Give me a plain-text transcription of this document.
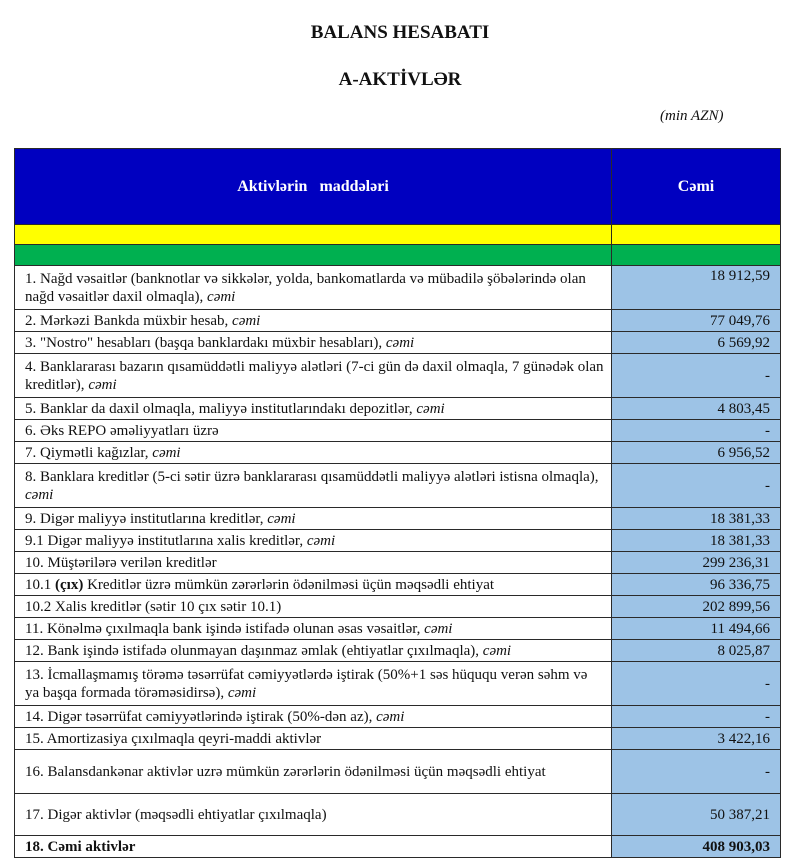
BALANS HESABATI
A-AKTİVLƏR
(min AZN)
Aktivlərin   maddələri	Cəmi

1. Nağd vəsaitlər (banknotlar və sikkələr, yolda, bankomatlarda və mübadilə şöbələrində olan nağd vəsaitlər daxil olmaqla), cəmi	18 912,59
2. Mərkəzi Bankda müxbir hesab, cəmi	77 049,76
3. "Nostro" hesabları (başqa banklardakı müxbir hesabları), cəmi	6 569,92
4. Banklararası bazarın qısamüddətli maliyyə alətləri (7-ci gün də daxil olmaqla, 7 günədək olan kreditlər), cəmi	-
5. Banklar da daxil olmaqla, maliyyə institutlarındakı depozitlər, cəmi	4 803,45
6. Əks REPO əməliyyatları üzrə	-
7. Qiymətli kağızlar, cəmi	6 956,52
8. Banklara kreditlər (5-ci sətir üzrə banklararası qısamüddətli maliyyə alətləri istisna olmaqla), cəmi	-
9. Digər maliyyə institutlarına kreditlər, cəmi	18 381,33
9.1 Digər maliyyə institutlarına xalis kreditlər, cəmi	18 381,33
10. Müştərilərə verilən kreditlər	299 236,31
10.1 (çıx) Kreditlər üzrə mümkün zərərlərin ödənilməsi üçün məqsədli ehtiyat	96 336,75
10.2 Xalis kreditlər (sətir 10 çıx sətir 10.1)	202 899,56
11. Könəlmə çıxılmaqla bank işində istifadə olunan əsas vəsaitlər, cəmi	11 494,66
12. Bank işində istifadə olunmayan daşınmaz əmlak (ehtiyatlar çıxılmaqla), cəmi	8 025,87
13. İcmallaşmamış törəmə təsərrüfat cəmiyyətlərdə iştirak (50%+1 səs hüququ verən səhm və ya başqa formada törəməsidirsə), cəmi	-
14. Digər təsərrüfat cəmiyyətlərində iştirak (50%-dən az), cəmi	-
15. Amortizasiya çıxılmaqla qeyri-maddi aktivlər	3 422,16
16. Balansdankənar aktivlər uzrə mümkün zərərlərin ödənilməsi üçün məqsədli ehtiyat	-
17. Digər aktivlər (məqsədli ehtiyatlar çıxılmaqla)	50 387,21
18. Cəmi aktivlər	408 903,03
